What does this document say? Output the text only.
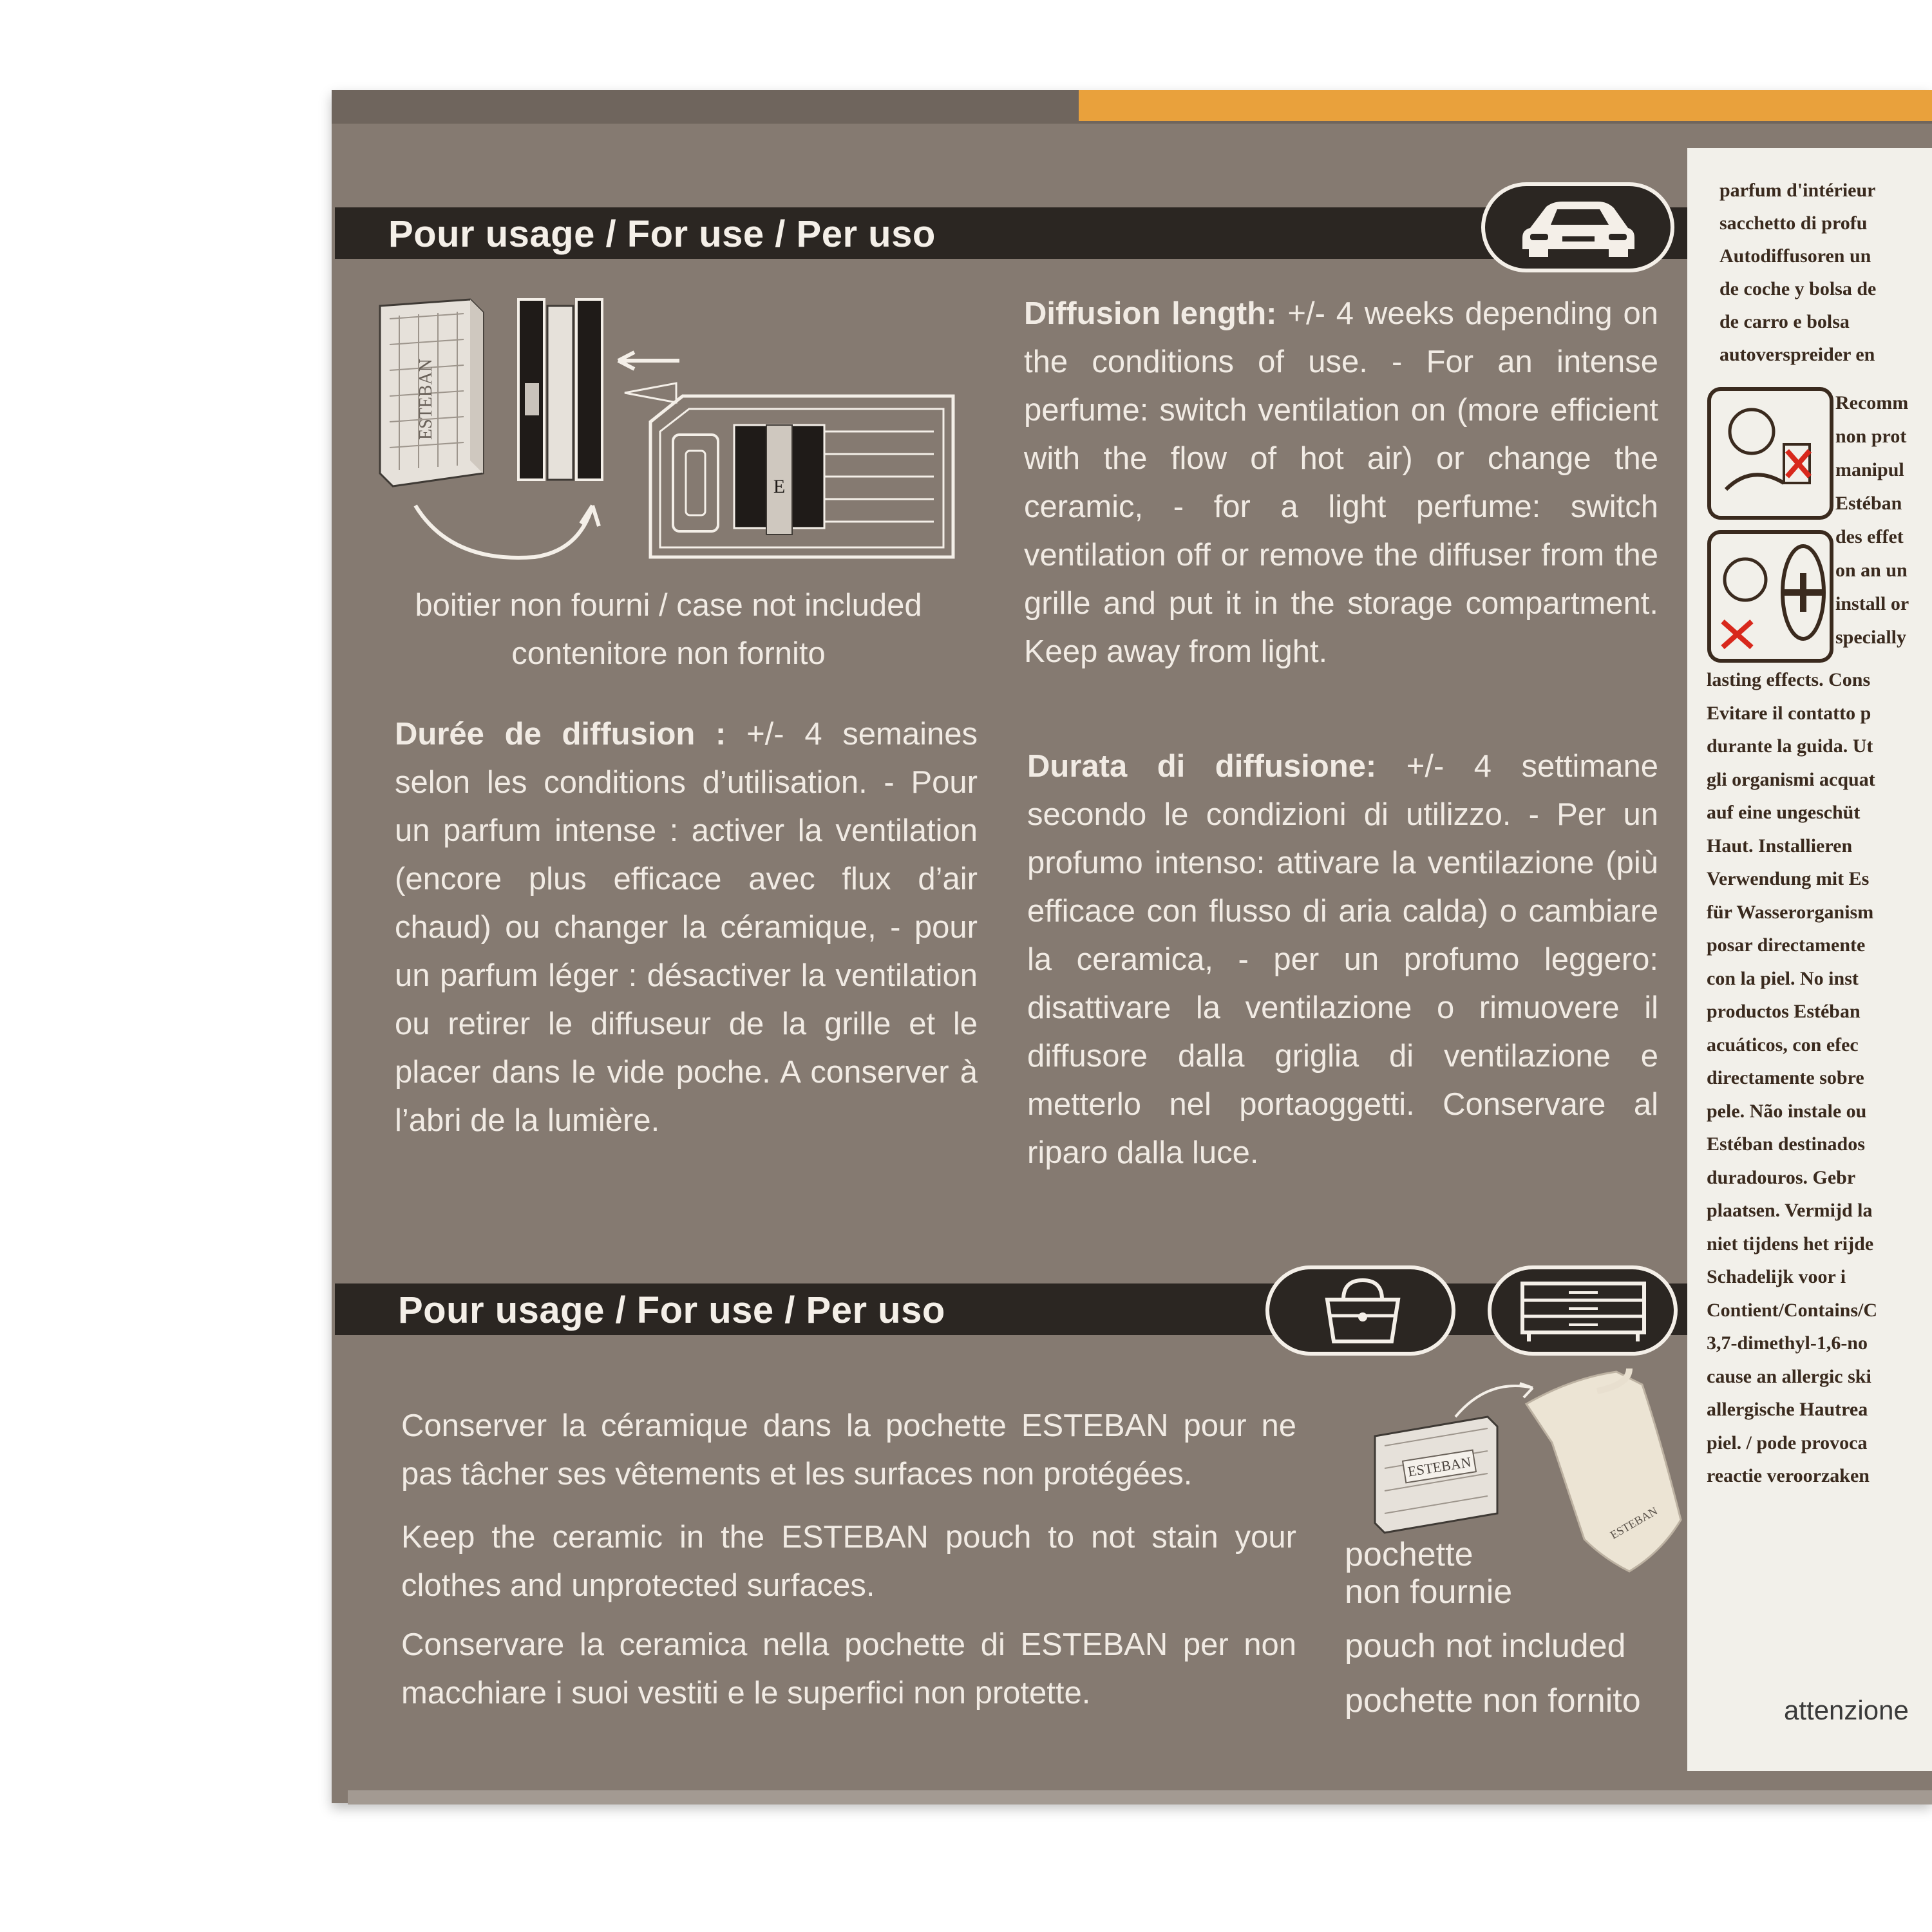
parfum d'intérieur
sacchetto di profu
Autodiffusoren un
de coche y bolsa de
de carro e bolsa
autoverspreider en
Recomm
non prot
manipul
Estéban
des effet
on an un
install or
specially
lasting effects. Cons
Evitare il contatto p
durante la guida. Ut
gli organismi acquat
auf eine ungeschüt
Haut. Installieren
Verwendung mit Es
für Wasserorganism
posar directamente
con la piel. No inst
productos Estéban
acuáticos, con efec
directamente sobre
pele. Não instale ou
Estéban destinados
duradouros. Gebr
plaatsen. Vermijd la
niet tijdens het rijde
Schadelijk voor i
Contient/Contains/C
3,7-dimethyl-1,6-no
cause an allergic ski
allergische Hautrea
piel. / pode provoca
reactie veroorzaken
attenzione
Pour usage / For use / Per uso
ESTEBAN
E
boitier non fourni / case not included
contenitore non fornito
Durée de diffusion : +/- 4 semaines selon les conditions d’utilisation. - Pour un parfum intense : activer la ventilation (encore plus efficace avec flux d’air chaud) ou changer la céramique, - pour un parfum léger : désactiver la ventilation ou retirer le diffuseur de la grille et le placer dans le vide poche. A conserver à l’abri de la lumière.
Diffusion length: +/- 4 weeks depending on the conditions of use. - For an intense perfume: switch ventilation on (more efficient with the flow of hot air) or change the ceramic, - for a light perfume: switch ventilation off or remove the diffuser from the grille and put it in the storage compartment. Keep away from light.
Durata di diffusione: +/- 4 settimane secondo le condizioni di utilizzo. - Per un profumo intenso: attivare la ventilazione (più efficace con flusso di aria calda) o cambiare la ceramica, - per un profumo leggero: disattivare la ventilazione o rimuovere il diffusore dalla griglia di ventilazione e metterlo nel portaoggetti. Conservare al riparo dalla luce.
Pour usage / For use / Per uso
Conserver la céramique dans la pochette ESTEBAN pour ne pas tâcher ses vêtements et les surfaces non protégées.
Keep the ceramic in the ESTEBAN pouch to not stain your clothes and unprotected surfaces.
Conservare la ceramica nella pochette di ESTEBAN per non macchiare i suoi vestiti e le superfici non protette.
ESTEBAN
ESTEBAN
pochette
non fournie
pouch not included
pochette non fornito
